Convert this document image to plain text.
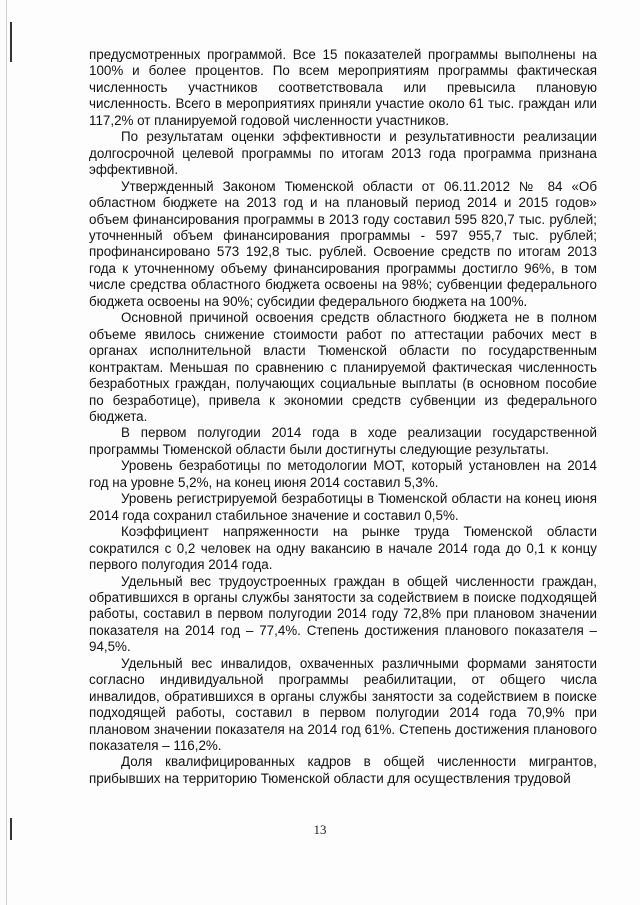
предусмотренных программой. Все 15 показателей программы выполнены на 100% и более процентов. По всем мероприятиям программы фактическая численность участников соответствовала или превысила плановую численность. Всего в мероприятиях приняли участие около 61 тыс. граждан или 117,2% от планируемой годовой численности участников.

По результатам оценки эффективности и результативности реализации долгосрочной целевой программы по итогам 2013 года программа признана эффективной.

Утвержденный Законом Тюменской области от 06.11.2012 № 84 «Об областном бюджете на 2013 год и на плановый период 2014 и 2015 годов» объем финансирования программы в 2013 году составил 595 820,7 тыс. рублей; уточненный объем финансирования программы - 597 955,7 тыс. рублей; профинансировано 573 192,8 тыс. рублей. Освоение средств по итогам 2013 года к уточненному объему финансирования программы достигло 96%, в том числе средства областного бюджета освоены на 98%; субвенции федерального бюджета освоены на 90%; субсидии федерального бюджета на 100%.

Основной причиной освоения средств областного бюджета не в полном объеме явилось снижение стоимости работ по аттестации рабочих мест в органах исполнительной власти Тюменской области по государственным контрактам. Меньшая по сравнению с планируемой фактическая численность безработных граждан, получающих социальные выплаты (в основном пособие по безработице), привела к экономии средств субвенции из федерального бюджета.

В первом полугодии 2014 года в ходе реализации государственной программы Тюменской области были достигнуты следующие результаты.

Уровень безработицы по методологии МОТ, который установлен на 2014 год на уровне 5,2%, на конец июня 2014 составил 5,3%.

Уровень регистрируемой безработицы в Тюменской области на конец июня 2014 года сохранил стабильное значение и составил 0,5%.

Коэффициент напряженности на рынке труда Тюменской области сократился с 0,2 человек на одну вакансию в начале 2014 года до 0,1 к концу первого полугодия 2014 года.

Удельный вес трудоустроенных граждан в общей численности граждан, обратившихся в органы службы занятости за содействием в поиске подходящей работы, составил в первом полугодии 2014 году 72,8% при плановом значении показателя на 2014 год – 77,4%. Степень достижения планового показателя – 94,5%.

Удельный вес инвалидов, охваченных различными формами занятости согласно индивидуальной программы реабилитации, от общего числа инвалидов, обратившихся в органы службы занятости за содействием в поиске подходящей работы, составил в первом полугодии 2014 года 70,9% при плановом значении показателя на 2014 год 61%. Степень достижения планового показателя – 116,2%.

Доля квалифицированных кадров в общей численности мигрантов, прибывших на территорию Тюменской области для осуществления трудовой

13
